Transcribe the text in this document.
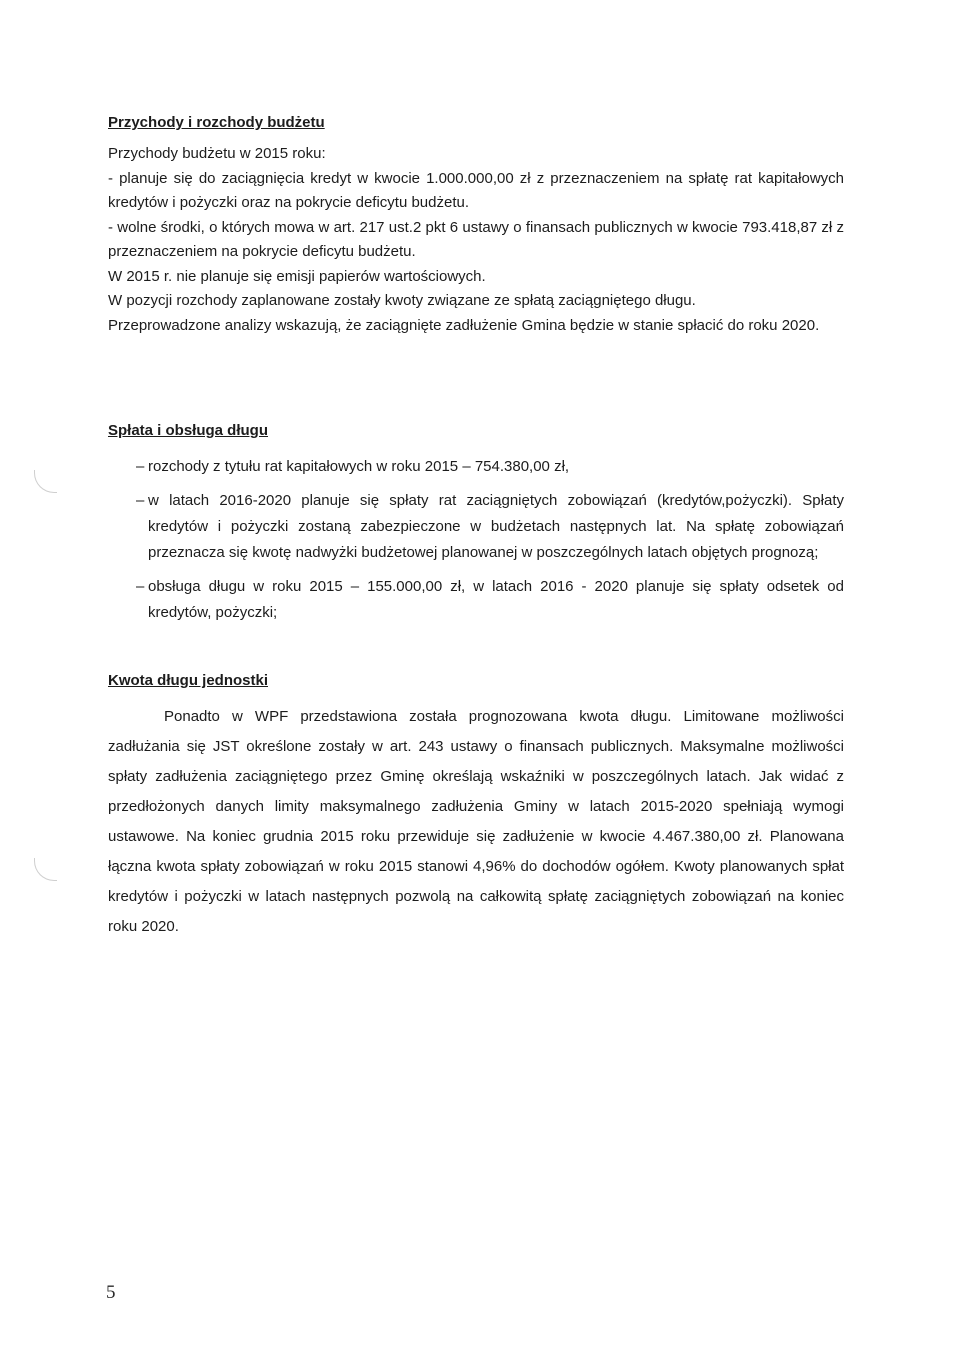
Przychody i rozchody budżetu

Przychody budżetu w 2015 roku:

- planuje się do zaciągnięcia kredyt w kwocie 1.000.000,00 zł z przeznaczeniem na spłatę rat kapitałowych kredytów i pożyczki oraz na pokrycie deficytu budżetu.

- wolne środki, o których mowa w art. 217 ust.2 pkt 6 ustawy o finansach publicznych w kwocie 793.418,87 zł z przeznaczeniem na pokrycie deficytu budżetu.

W 2015 r. nie planuje się emisji papierów wartościowych.

W pozycji rozchody zaplanowane zostały kwoty związane ze spłatą zaciągniętego długu.

Przeprowadzone analizy wskazują, że zaciągnięte zadłużenie Gmina będzie w stanie spłacić do roku 2020.

Spłata i obsługa długu
– rozchody z tytułu rat kapitałowych w roku 2015 – 754.380,00 zł,
– w latach 2016-2020 planuje się spłaty rat zaciągniętych zobowiązań (kredytów,pożyczki). Spłaty kredytów i pożyczki zostaną zabezpieczone w budżetach następnych lat. Na spłatę zobowiązań przeznacza się kwotę nadwyżki budżetowej planowanej w poszczególnych latach objętych prognozą;
– obsługa długu w roku 2015 – 155.000,00 zł, w latach 2016 - 2020 planuje się spłaty odsetek od kredytów, pożyczki;
Kwota długu jednostki

Ponadto w WPF przedstawiona została prognozowana kwota długu. Limitowane możliwości zadłużania się JST określone zostały w art. 243 ustawy o finansach publicznych. Maksymalne możliwości spłaty zadłużenia zaciągniętego przez Gminę określają wskaźniki w poszczególnych latach. Jak widać z przedłożonych danych limity maksymalnego zadłużenia Gminy w latach 2015-2020 spełniają wymogi ustawowe. Na koniec grudnia 2015 roku przewiduje się zadłużenie w kwocie 4.467.380,00 zł. Planowana łączna kwota spłaty zobowiązań w roku 2015 stanowi 4,96% do dochodów ogółem. Kwoty planowanych spłat kredytów i pożyczki w latach następnych pozwolą na całkowitą spłatę zaciągniętych zobowiązań na koniec roku 2020.

5
